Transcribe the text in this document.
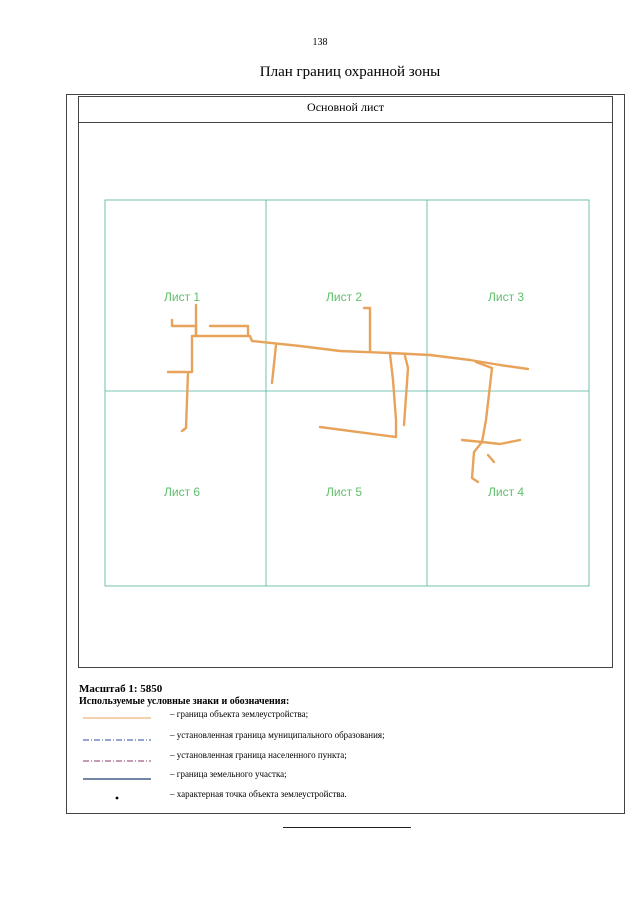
138
План границ охранной зоны
Основной лист
Лист 1	Лист 2	Лист 3
Лист 6	Лист 5	Лист 4
Масштаб 1: 5850
Используемые условные знаки и обозначения:
– граница объекта землеустройства;
– установленная граница муниципального образования;
– установленная граница населенного пункта;
– граница земельного участка;
– характерная точка объекта землеустройства.
